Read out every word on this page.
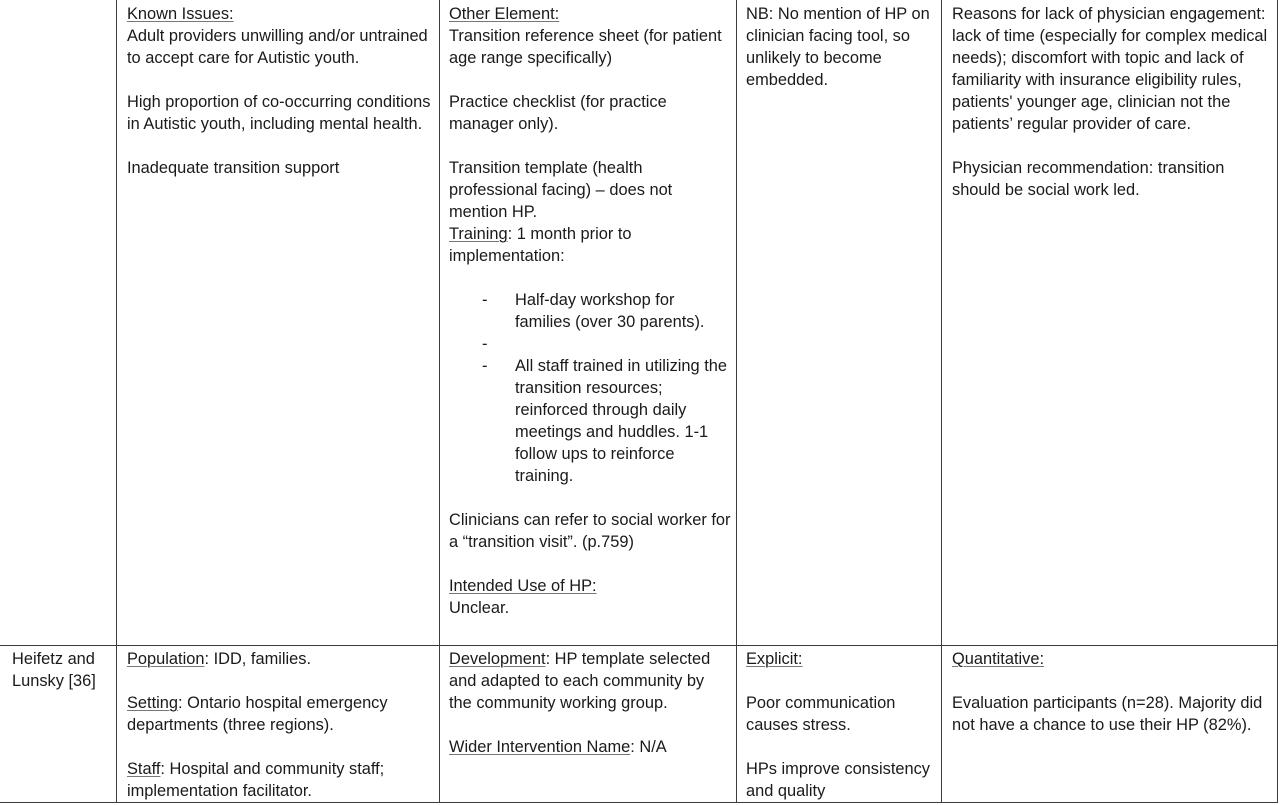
Known Issues:

Adult providers unwilling and/or untrained to accept care for Autistic youth.

High proportion of co-occurring conditions in Autistic youth, including mental health.

Inadequate transition support

Other Element:

Transition reference sheet (for patient age range specifically)

Practice checklist (for practice manager only).

Transition template (health professional facing) – does not mention HP.

Training: 1 month prior to implementation:

- Half-day workshop for families (over 30 parents).
-
- All staff trained in utilizing the transition resources; reinforced through daily meetings and huddles. 1-1 follow ups to reinforce training.

Clinicians can refer to social worker for a “transition visit”. (p.759)

Intended Use of HP:

Unclear.

NB: No mention of HP on clinician facing tool, so unlikely to become embedded.

Reasons for lack of physician engagement: lack of time (especially for complex medical needs); discomfort with topic and lack of familiarity with insurance eligibility rules, patients' younger age, clinician not the patients’ regular provider of care.

Physician recommendation: transition should be social work led.

Heifetz and Lunsky [36]

Population: IDD, families.

Setting: Ontario hospital emergency departments (three regions).

Staff: Hospital and community staff; implementation facilitator.

Development: HP template selected and adapted to each community by the community working group.

Wider Intervention Name: N/A

Explicit:

Poor communication causes stress.

HPs improve consistency and quality

Quantitative:

Evaluation participants (n=28). Majority did not have a chance to use their HP (82%).
